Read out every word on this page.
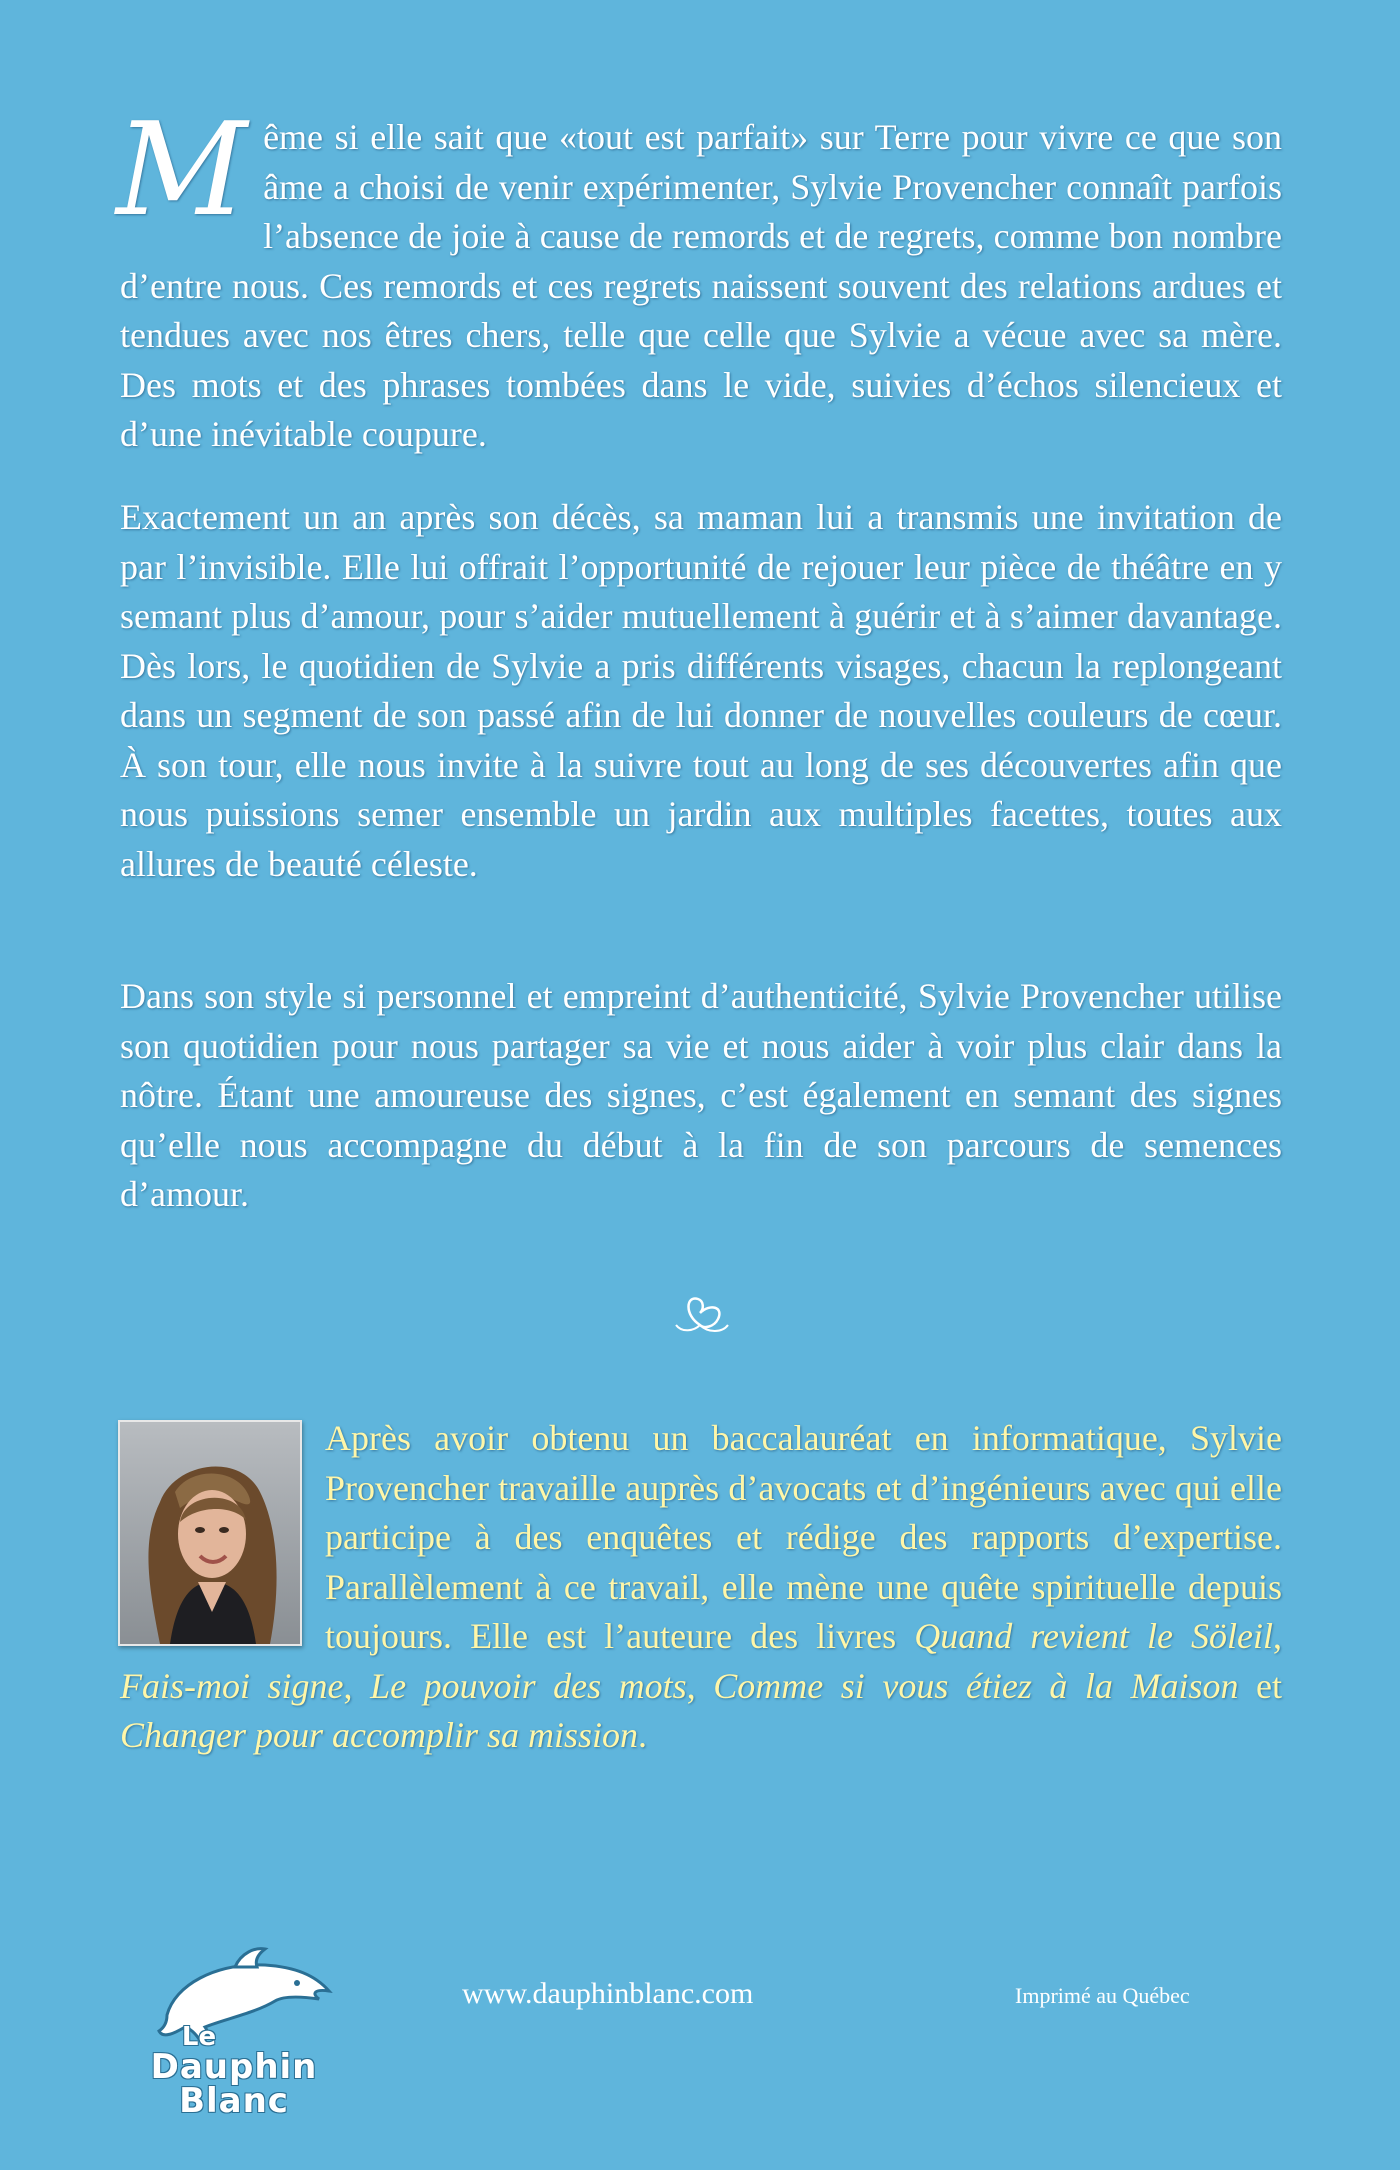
Même si elle sait que «tout est parfait» sur Terre pour vivre ce que son âme a choisi de venir expérimenter, Sylvie Provencher connaît parfois l’absence de joie à cause de remords et de regrets, comme bon nombre d’entre nous. Ces remords et ces regrets naissent souvent des relations ardues et tendues avec nos êtres chers, telle que celle que Sylvie a vécue avec sa mère. Des mots et des phrases tombées dans le vide, suivies d’échos silencieux et d’une inévitable coupure.
Exactement un an après son décès, sa maman lui a transmis une invitation de par l’invisible. Elle lui offrait l’opportunité de rejouer leur pièce de théâtre en y semant plus d’amour, pour s’aider mutuellement à guérir et à s’aimer davantage. Dès lors, le quotidien de Sylvie a pris différents visages, chacun la replongeant dans un segment de son passé afin de lui donner de nouvelles couleurs de cœur. À son tour, elle nous invite à la suivre tout au long de ses découvertes afin que nous puissions semer ensemble un jardin aux multiples facettes, toutes aux allures de beauté céleste.
Dans son style si personnel et empreint d’authenticité, Sylvie Provencher utilise son quotidien pour nous partager sa vie et nous aider à voir plus clair dans la nôtre. Étant une amoureuse des signes, c’est également en semant des signes qu’elle nous accompagne du début à la fin de son parcours de semences d’amour.
Après avoir obtenu un baccalauréat en informatique, Sylvie Provencher travaille auprès d’avocats et d’ingénieurs avec qui elle participe à des enquêtes et rédige des rapports d’expertise. Parallèlement à ce travail, elle mène une quête spirituelle depuis toujours. Elle est l’auteure des livres Quand revient le Söleil, Fais-moi signe, Le pouvoir des mots, Comme si vous étiez à la Maison et Changer pour accomplir sa mission.
Le
Dauphin
Blanc
www.dauphinblanc.com	Imprimé au Québec
